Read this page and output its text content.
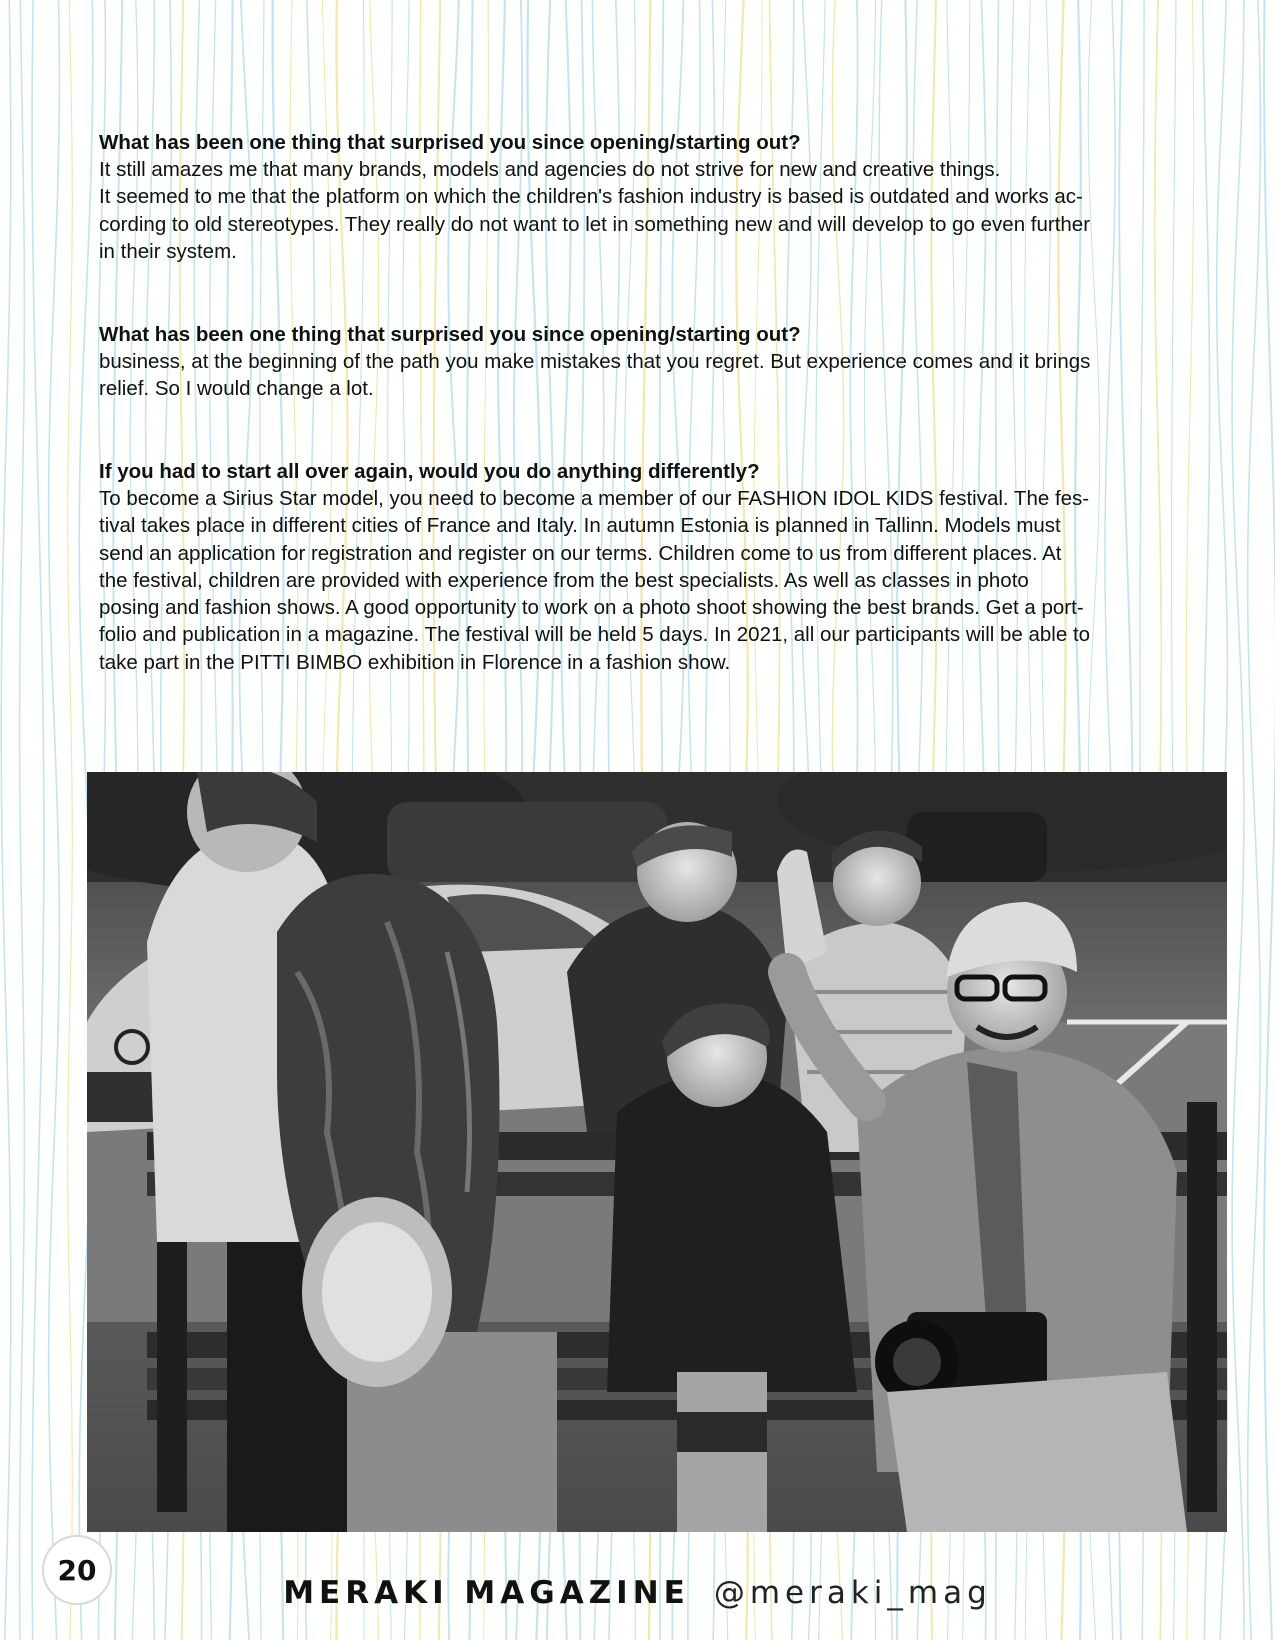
What has been one thing that surprised you since opening/starting out?

It still amazes me that many brands, models and agencies do not strive for new and creative things.

It seemed to me that the platform on which the children's fashion industry is based is outdated and works ac-

cording to old stereotypes. They really do not want to let in something new and will develop to go even further

in their system.

What has been one thing that surprised you since opening/starting out?

business, at the beginning of the path you make mistakes that you regret. But experience comes and it brings

relief. So I would change a lot.

If you had to start all over again, would you do anything differently?

To become a Sirius Star model, you need to become a member of our FASHION IDOL KIDS festival. The fes-

tival takes place in different cities of France and Italy. In autumn Estonia is planned in Tallinn. Models must

send an application for registration and register on our terms. Children come to us from different places. At

the festival, children are provided with experience from the best specialists. As well as classes in photo

posing and fashion shows. A good opportunity to work on a photo shoot showing the best brands. Get a port-

folio and publication in a magazine. The festival will be held 5 days. In 2021, all our participants will be able to

take part in the PITTI BIMBO exhibition in Florence in a fashion show.

20
MERAKI MAGAZINE @meraki_mag
